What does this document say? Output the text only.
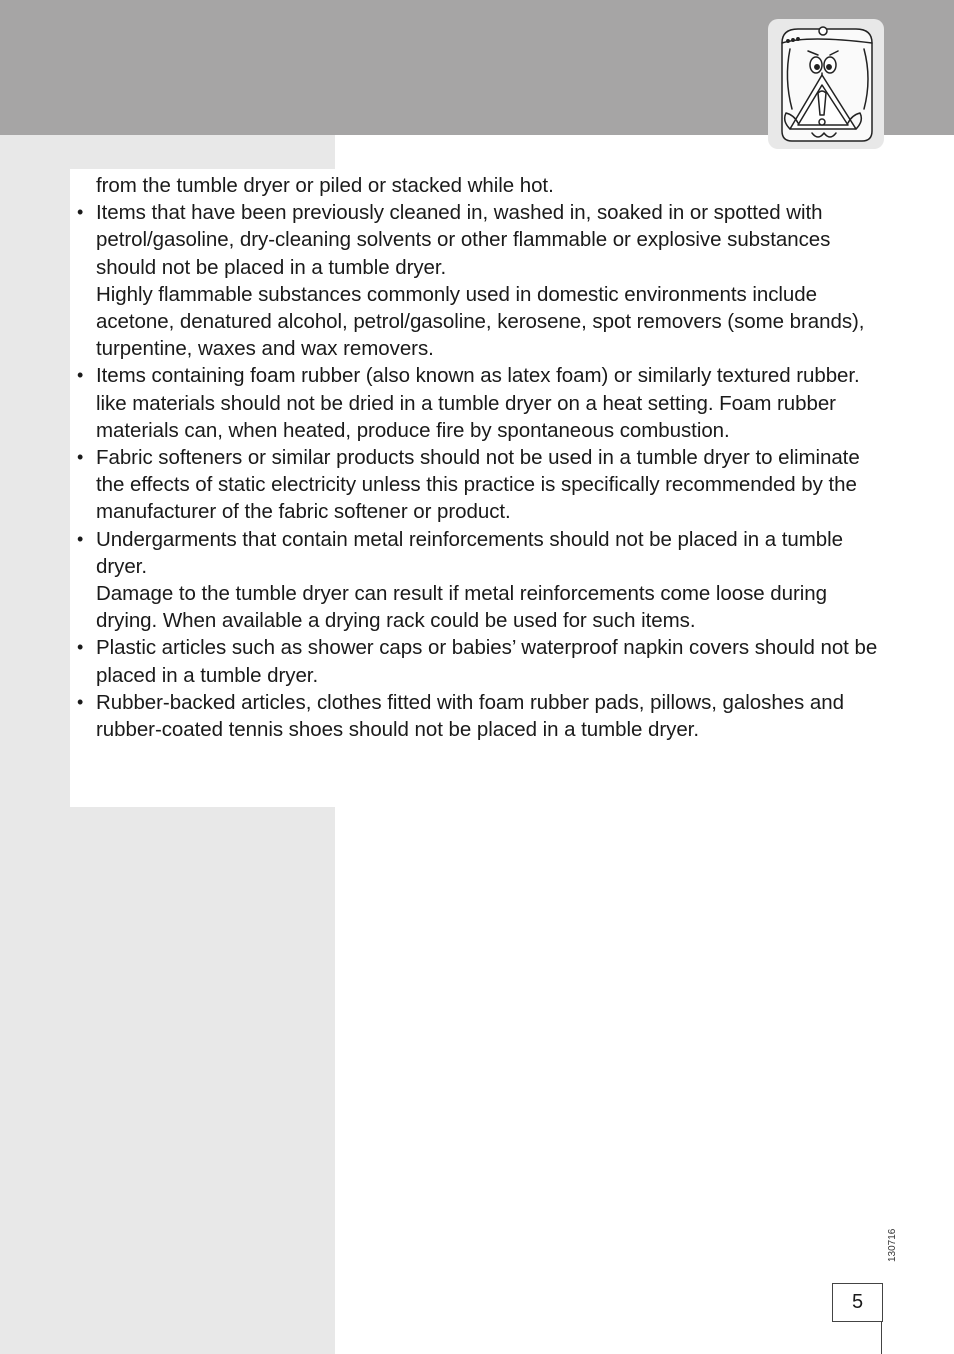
from the tumble dryer or piled or stacked while hot.

• Items that have been previously cleaned in, washed in, soaked in or spotted with petrol/gasoline, dry-cleaning solvents or other flammable or explosive substances should not be placed in a tumble dryer.

Highly flammable substances commonly used in domestic environments include acetone, denatured alcohol, petrol/gasoline, kerosene, spot removers (some brands), turpentine, waxes and wax removers.

• Items containing foam rubber (also known as latex foam) or similarly textured rubber. like materials should not be dried in a tumble dryer on a heat setting. Foam rubber materials can, when heated, produce fire by spontaneous combustion.

• Fabric softeners or similar products should not be used in a tumble dryer to eliminate the effects of static electricity unless this practice is specifically recommended by the manufacturer of the fabric softener or product.

• Undergarments that contain metal reinforcements should not be placed in a tumble dryer.

Damage to the tumble dryer can result if metal reinforcements come loose during drying. When available a drying rack could be used for such items.

• Plastic articles such as shower caps or babies’ waterproof napkin covers should not be placed in a tumble dryer.

• Rubber-backed articles, clothes fitted with foam rubber pads, pillows, galoshes and rubber-coated tennis shoes should not be placed in a tumble dryer.

130716
5
